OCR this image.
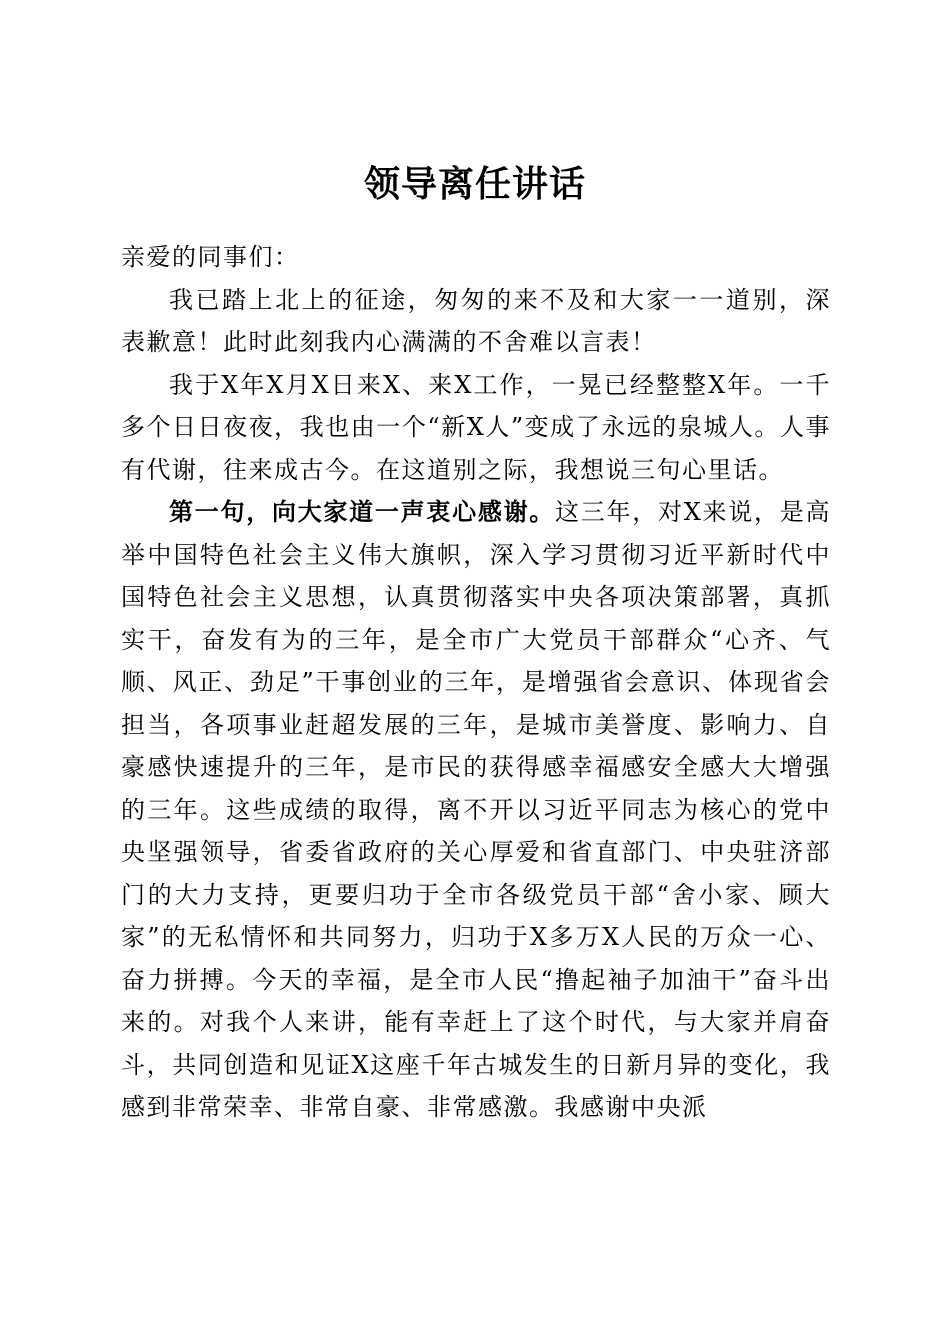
领导离任讲话

亲爱的同事们：

我已踏上北上的征途，匆匆的来不及和大家一一道别，深表歉意！此时此刻我内心满满的不舍难以言表！

我于X年X月X日来X、来X工作，一晃已经整整X年。一千多个日日夜夜，我也由一个“新X人”变成了永远的泉城人。人事有代谢，往来成古今。在这道别之际，我想说三句心里话。

第一句，向大家道一声衷心感谢。这三年，对X来说，是高举中国特色社会主义伟大旗帜，深入学习贯彻习近平新时代中国特色社会主义思想，认真贯彻落实中央各项决策部署，真抓实干，奋发有为的三年，是全市广大党员干部群众“心齐、气顺、风正、劲足”干事创业的三年，是增强省会意识、体现省会担当，各项事业赶超发展的三年，是城市美誉度、影响力、自豪感快速提升的三年，是市民的获得感幸福感安全感大大增强的三年。这些成绩的取得，离不开以习近平同志为核心的党中央坚强领导，省委省政府的关心厚爱和省直部门、中央驻济部门的大力支持，更要归功于全市各级党员干部“舍小家、顾大家”的无私情怀和共同努力，归功于X多万X人民的万众一心、奋力拼搏。今天的幸福，是全市人民“撸起袖子加油干”奋斗出来的。对我个人来讲，能有幸赶上了这个时代，与大家并肩奋斗，共同创造和见证X这座千年古城发生的日新月异的变化，我感到非常荣幸、非常自豪、非常感激。我感谢中央派
